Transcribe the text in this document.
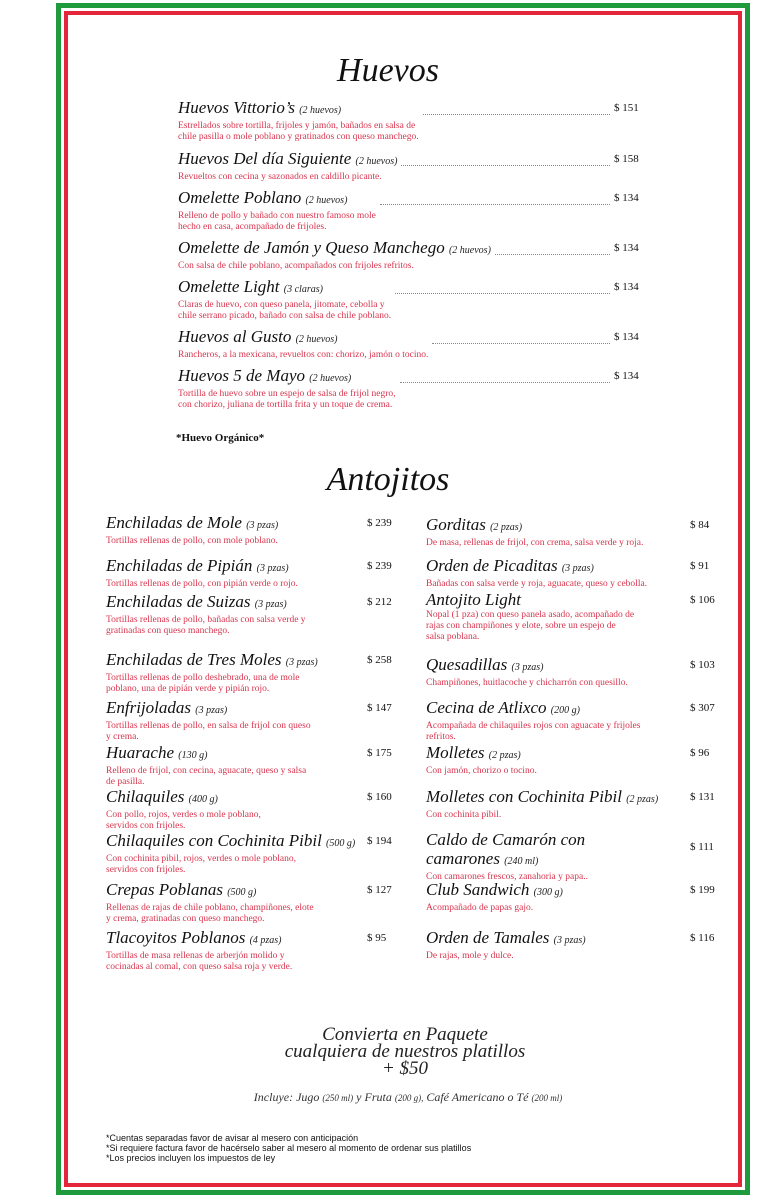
Huevos
Huevos Vittorio’s (2 huevos)
Estrellados sobre tortilla, frijoles y jamón, bañados en salsa de
chile pasilla o mole poblano y gratinados con queso manchego.
$ 151
Huevos Del día Siguiente (2 huevos)
Revueltos con cecina y sazonados en caldillo picante.
$ 158
Omelette Poblano (2 huevos)
Relleno de pollo y bañado con nuestro famoso mole
hecho en casa, acompañado de frijoles.
$ 134
Omelette de Jamón y Queso Manchego (2 huevos)
Con salsa de chile poblano, acompañados con frijoles refritos.
$ 134
Omelette Light (3 claras)
Claras de huevo, con queso panela, jitomate, cebolla y
chile serrano picado, bañado con salsa de chile poblano.
$ 134
Huevos al Gusto (2 huevos)
Rancheros, a la mexicana, revueltos con: chorizo, jamón o tocino.
$ 134
Huevos 5 de Mayo (2 huevos)
Tortilla de huevo sobre un espejo de salsa de frijol negro,
con chorizo, juliana de tortilla frita y un toque de crema.
$ 134
*Huevo Orgánico*
Antojitos
Enchiladas de Mole (3 pzas)
Tortillas rellenas de pollo, con mole poblano.
$ 239
Enchiladas de Pipián (3 pzas)
Tortillas rellenas de pollo, con pipián verde o rojo.
$ 239
Enchiladas de Suizas (3 pzas)
Tortillas rellenas de pollo, bañadas con salsa verde y
gratinadas con queso manchego.
$ 212
Enchiladas de Tres Moles (3 pzas)
Tortillas rellenas de pollo deshebrado, una de mole
poblano, una de pipián verde y pipián rojo.
$ 258
Enfrijoladas (3 pzas)
Tortillas rellenas de pollo, en salsa de frijol con queso
y crema.
$ 147
Huarache (130 g)
Relleno de frijol, con cecina, aguacate, queso y salsa
de pasilla.
$ 175
Chilaquiles (400 g)
Con pollo, rojos, verdes o mole poblano,
servidos con frijoles.
$ 160
Chilaquiles con Cochinita Pibil (500 g)
Con cochinita pibil, rojos, verdes o mole poblano,
servidos con frijoles.
$ 194
Crepas Poblanas (500 g)
Rellenas de rajas de chile poblano, champiñones, elote
y crema, gratinadas con queso manchego.
$ 127
Tlacoyitos Poblanos (4 pzas)
Tortillas de masa rellenas de arberjón molido y
cocinadas al comal, con queso salsa roja y verde.
$ 95
Gorditas (2 pzas)
De masa, rellenas de frijol, con crema, salsa verde y roja.
$ 84
Orden de Picaditas (3 pzas)
Bañadas con salsa verde y roja, aguacate, queso y cebolla.
$ 91
Antojito Light
Nopal (1 pza) con queso panela asado, acompañado de
rajas con champiñones y elote, sobre un espejo de
salsa poblana.
$ 106
Quesadillas (3 pzas)
Champiñones, huitlacoche y chicharrón con quesillo.
$ 103
Cecina de Atlixco (200 g)
Acompañada de chilaquiles rojos con aguacate y frijoles
refritos.
$ 307
Molletes (2 pzas)
Con jamón, chorizo o tocino.
$ 96
Molletes con Cochinita Pibil (2 pzas)
Con cochinita pibil.
$ 131
Caldo de Camarón con
camarones (240 ml)
Con camarones frescos, zanahoria y papa..
$ 111
Club Sandwich (300 g)
Acompañado de papas gajo.
$ 199
Orden de Tamales (3 pzas)
De rajas, mole y dulce.
$ 116
Convierta en Paquete
cualquiera de nuestros platillos
+ $50
Incluye: Jugo (250 ml) y Fruta (200 g), Café Americano o Té (200 ml)
*Cuentas separadas favor de avisar al mesero con anticipación
*Si requiere factura favor de hacérselo saber al mesero al momento de ordenar sus platillos
*Los precios incluyen los impuestos de ley
